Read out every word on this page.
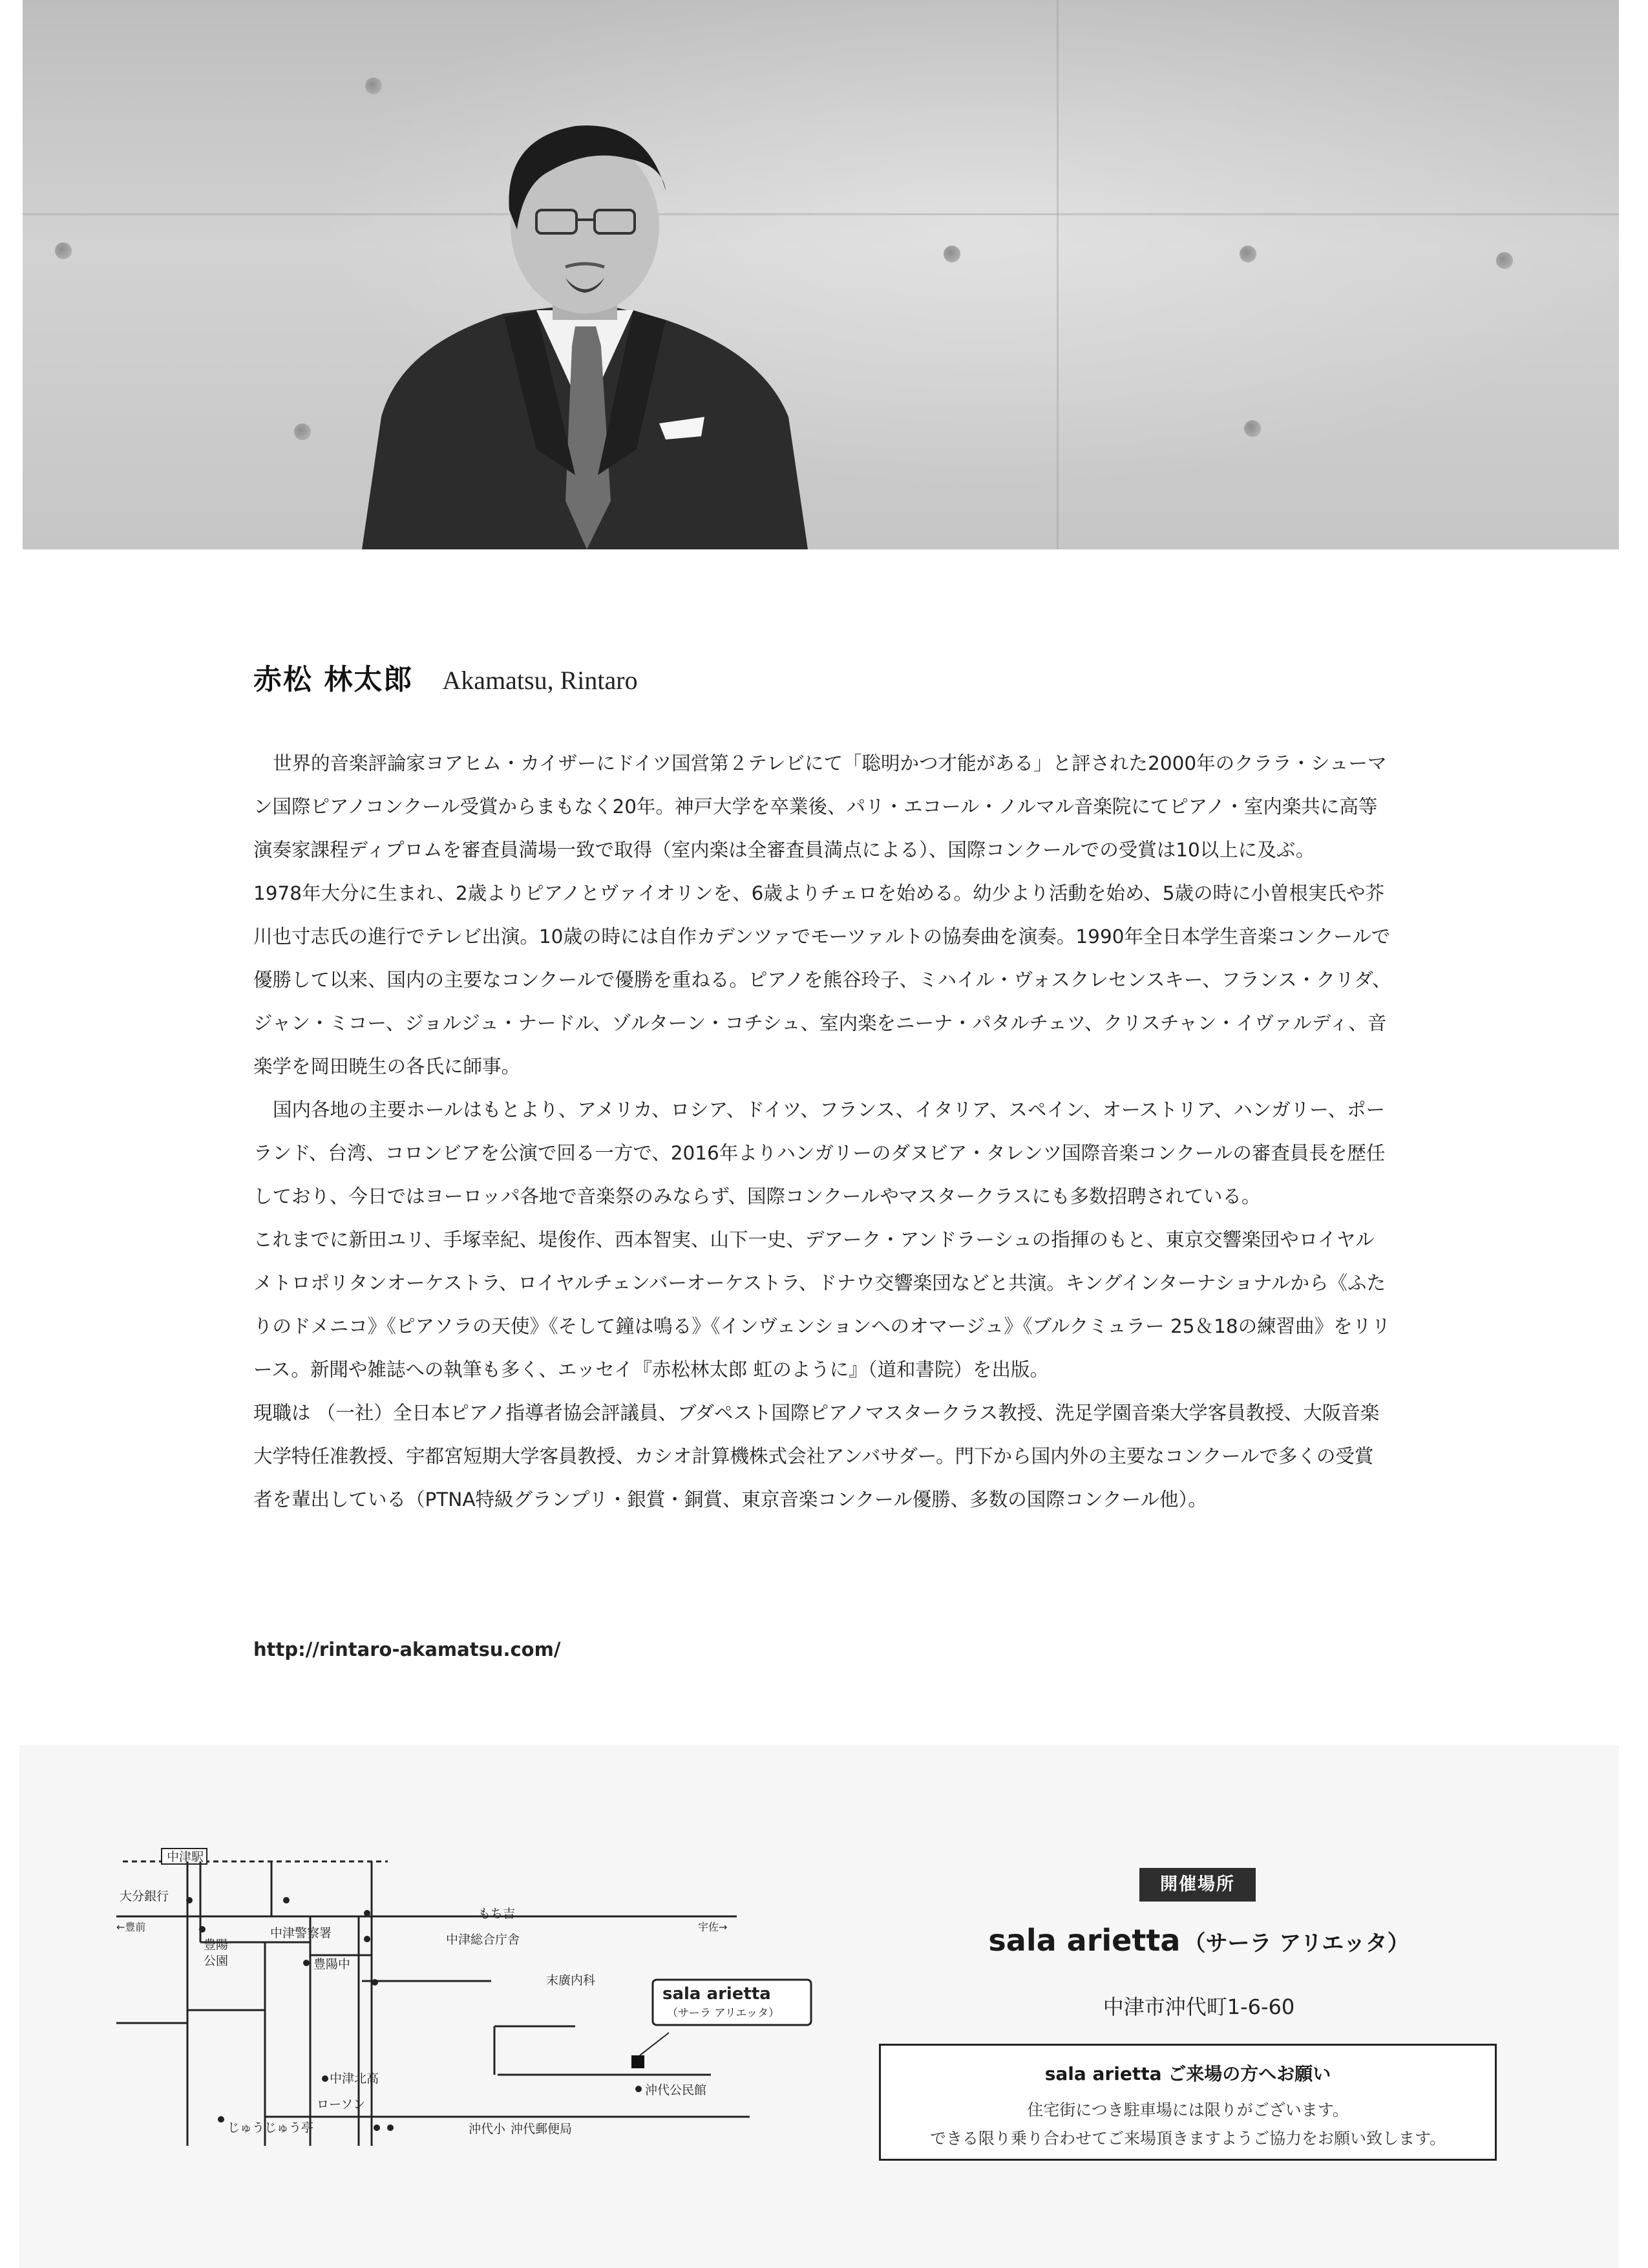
赤松 林太郎 Akamatsu, Rintaro

世界的音楽評論家ヨアヒム・カイザーにドイツ国営第２テレビにて「聡明かつ才能がある」と評された2000年のクララ・シューマン国際ピアノコンクール受賞からまもなく20年。神戸大学を卒業後、パリ・エコール・ノルマル音楽院にてピアノ・室内楽共に高等演奏家課程ディプロムを審査員満場一致で取得（室内楽は全審査員満点による）、国際コンクールでの受賞は10以上に及ぶ。

1978年大分に生まれ、2歳よりピアノとヴァイオリンを、6歳よりチェロを始める。幼少より活動を始め、5歳の時に小曽根実氏や芥川也寸志氏の進行でテレビ出演。10歳の時には自作カデンツァでモーツァルトの協奏曲を演奏。1990年全日本学生音楽コンクールで優勝して以来、国内の主要なコンクールで優勝を重ねる。ピアノを熊谷玲子、ミハイル・ヴォスクレセンスキー、フランス・クリダ、ジャン・ミコー、ジョルジュ・ナードル、ゾルターン・コチシュ、室内楽をニーナ・パタルチェツ、クリスチャン・イヴァルディ、音楽学を岡田暁生の各氏に師事。

国内各地の主要ホールはもとより、アメリカ、ロシア、ドイツ、フランス、イタリア、スペイン、オーストリア、ハンガリー、ポーランド、台湾、コロンビアを公演で回る一方で、2016年よりハンガリーのダヌビア・タレンツ国際音楽コンクールの審査員長を歴任しており、今日ではヨーロッパ各地で音楽祭のみならず、国際コンクールやマスタークラスにも多数招聘されている。

これまでに新田ユリ、手塚幸紀、堤俊作、西本智実、山下一史、デアーク・アンドラーシュの指揮のもと、東京交響楽団やロイヤルメトロポリタンオーケストラ、ロイヤルチェンバーオーケストラ、ドナウ交響楽団などと共演。キングインターナショナルから《ふたりのドメニコ》《ピアソラの天使》《そして鐘は鳴る》《インヴェンションへのオマージュ》《ブルクミュラー 25＆18の練習曲》をリリース。新聞や雑誌への執筆も多く、エッセイ『赤松林太郎 虹のように』（道和書院）を出版。

現職は （一社）全日本ピアノ指導者協会評議員、ブダペスト国際ピアノマスタークラス教授、洗足学園音楽大学客員教授、大阪音楽大学特任准教授、宇都宮短期大学客員教授、カシオ計算機株式会社アンバサダー。門下から国内外の主要なコンクールで多くの受賞者を輩出している（PTNA特級グランプリ・銀賞・銅賞、東京音楽コンクール優勝、多数の国際コンクール他）。

http://rintaro-akamatsu.com/
中津駅
sala arietta
（サーラ アリエッタ）
大分銀行
←豊前	宇佐→
豊陽
公園
中津警察署
もち吉
中津総合庁舎
豊陽中
末廣内科
中津北高
ローソン
じゅうじゅう亭
沖代公民館
沖代小 沖代郵便局
開催場所
sala arietta （サーラ アリエッタ）
中津市沖代町1-6-60
sala arietta ご来場の方へお願い
住宅街につき駐車場には限りがございます。
できる限り乗り合わせてご来場頂きますようご協力をお願い致します。
